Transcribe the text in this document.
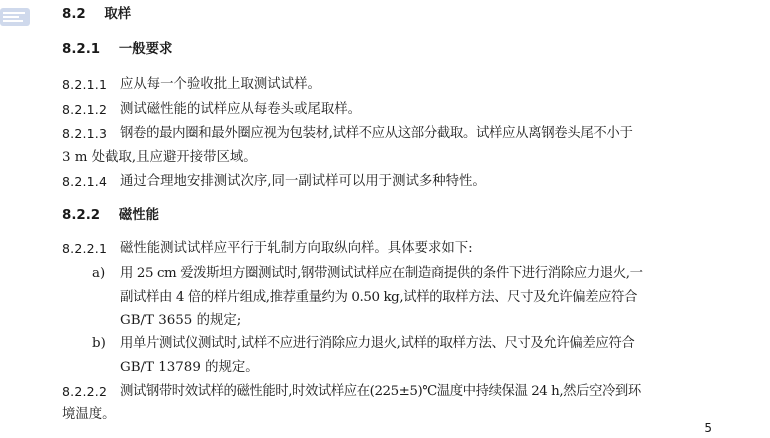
8.2 取样
8.2.1 一般要求
8.2.1.1 应从每一个验收批上取测试试样。
8.2.1.2 测试磁性能的试样应从每卷头或尾取样。
8.2.1.3 钢卷的最内圈和最外圈应视为包装材,试样不应从这部分截取。试样应从离钢卷头尾不小于
3 m 处截取,且应避开接带区域。
8.2.1.4 通过合理地安排测试次序,同一副试样可以用于测试多种特性。
8.2.2 磁性能
8.2.2.1 磁性能测试试样应平行于轧制方向取纵向样。具体要求如下:
a) 用 25 cm 爱泼斯坦方圈测试时,钢带测试试样应在制造商提供的条件下进行消除应力退火,一
副试样由 4 倍的样片组成,推荐重量约为 0.50 kg,试样的取样方法、尺寸及允许偏差应符合
GB/T 3655 的规定;
b) 用单片测试仪测试时,试样不应进行消除应力退火,试样的取样方法、尺寸及允许偏差应符合
GB/T 13789 的规定。
8.2.2.2 测试钢带时效试样的磁性能时,时效试样应在(225±5)℃温度中持续保温 24 h,然后空冷到环
境温度。
5
